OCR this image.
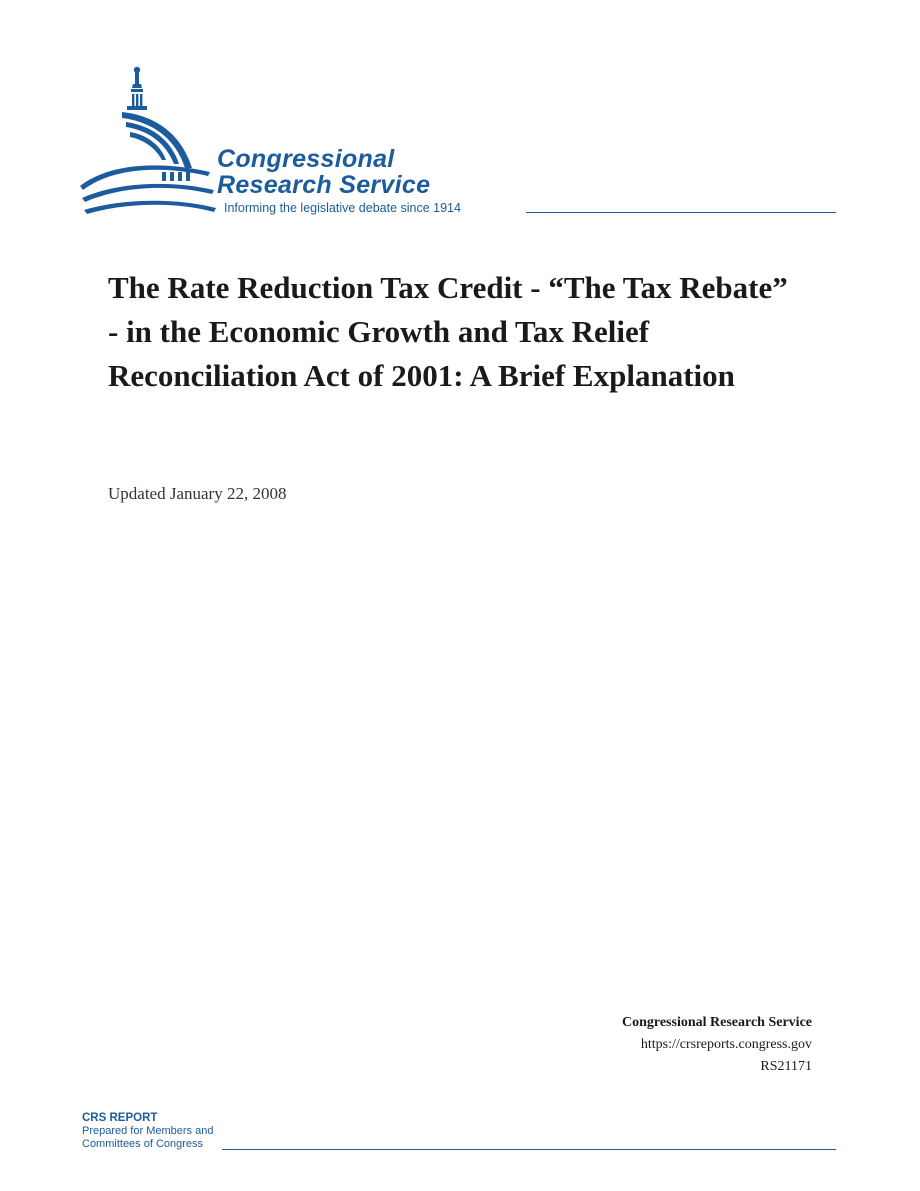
Congressional
Research Service
Informing the legislative debate since 1914
The Rate Reduction Tax Credit - “The Tax Rebate” - in the Economic Growth and Tax Relief Reconciliation Act of 2001: A Brief Explanation
Updated January 22, 2008
Congressional Research Service
https://crsreports.congress.gov
RS21171
CRS REPORT
Prepared for Members and
Committees of Congress
